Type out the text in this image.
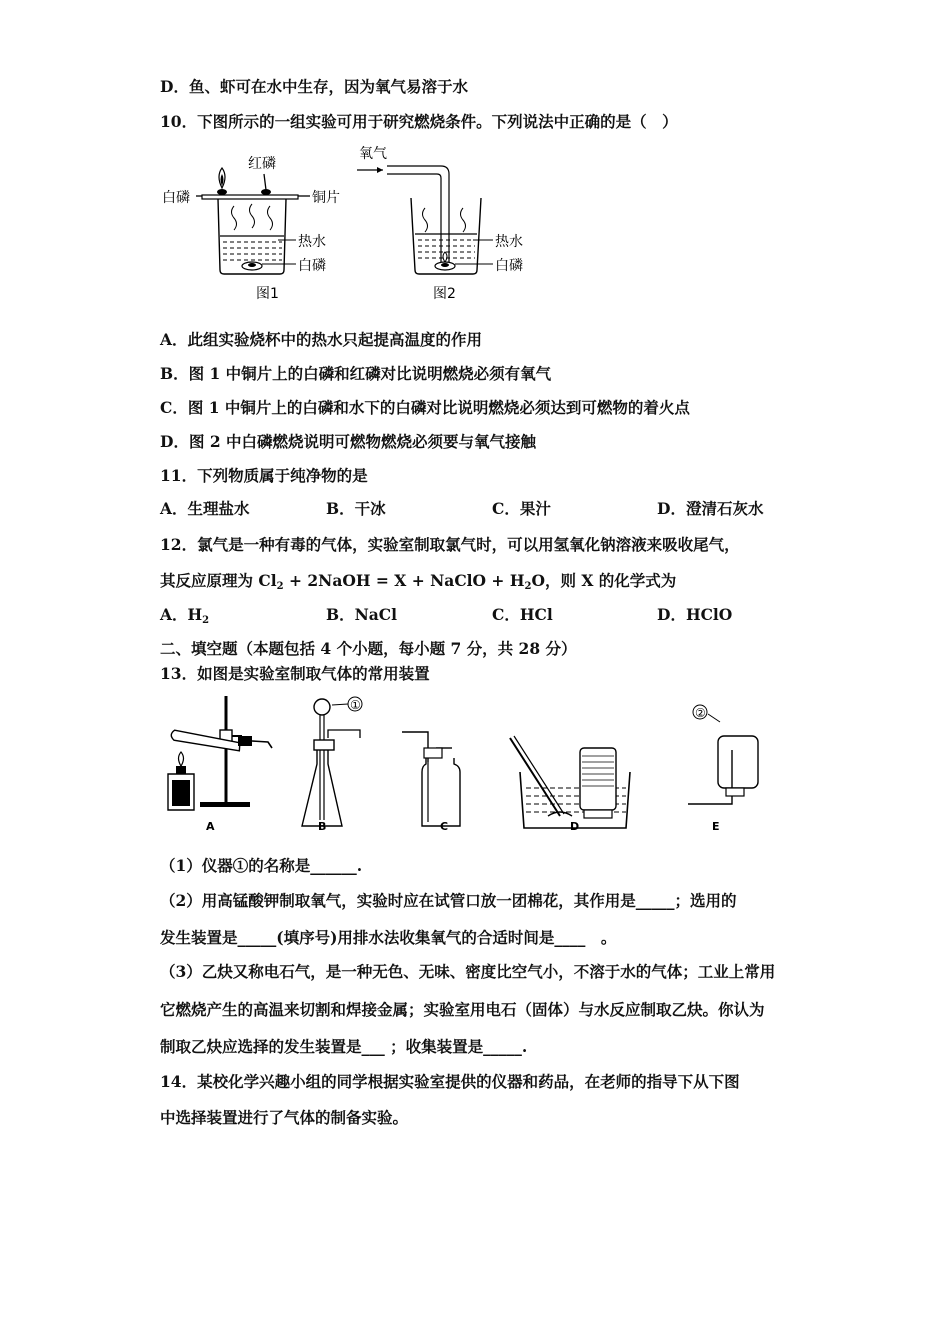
D．鱼、虾可在水中生存，因为氧气易溶于水
10．下图所示的一组实验可用于研究燃烧条件。下列说法中正确的是（　）
红磷
白磷	铜片
热水
白磷
图1
氧气
热水
白磷
图2
A．此组实验烧杯中的热水只起提高温度的作用
B．图 1 中铜片上的白磷和红磷对比说明燃烧必须有氧气
C．图 1 中铜片上的白磷和水下的白磷对比说明燃烧必须达到可燃物的着火点
D．图 2 中白磷燃烧说明可燃物燃烧必须要与氧气接触
11．下列物质属于纯净物的是
A．生理盐水	B．干冰	C．果汁	D．澄清石灰水
12．氯气是一种有毒的气体，实验室制取氯气时，可以用氢氧化钠溶液来吸收尾气，
其反应原理为 $Cl_2$ + 2NaOH = X + NaClO + $H_2O$，则 X 的化学式为
A．$H_2$	B．NaCl	C．HCl	D．HClO
二、填空题（本题包括 4 个小题，每小题 7 分，共 28 分）
13．如图是实验室制取气体的常用装置
①
②
A	B	C	D	E
（1）仪器①的名称是______.
（2）用高锰酸钾制取氧气，实验时应在试管口放一团棉花，其作用是_____；选用的
发生装置是_____(填序号)用排水法收集氧气的合适时间是____　。
（3）乙炔又称电石气，是一种无色、无味、密度比空气小，不溶于水的气体；工业上常用
它燃烧产生的高温来切割和焊接金属；实验室用电石（固体）与水反应制取乙炔。你认为
制取乙炔应选择的发生装置是___ ；收集装置是_____.
14．某校化学兴趣小组的同学根据实验室提供的仪器和药品，在老师的指导下从下图
中选择装置进行了气体的制备实验。
